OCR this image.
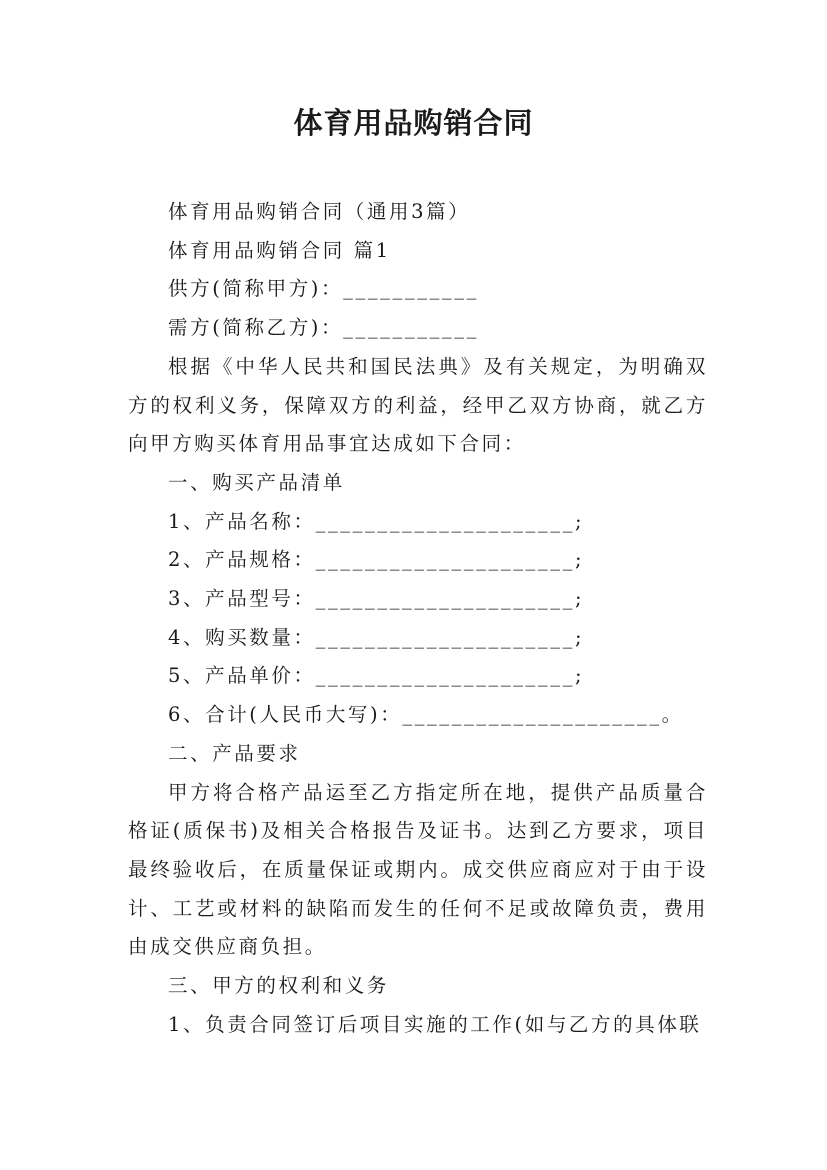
体育用品购销合同

体育用品购销合同（通用3篇）

体育用品购销合同 篇1

供方(简称甲方)：___________

需方(简称乙方)：___________

根据《中华人民共和国民法典》及有关规定，为明确双方的权利义务，保障双方的利益，经甲乙双方协商，就乙方向甲方购买体育用品事宜达成如下合同：

一、购买产品清单

1、产品名称：_____________________;

2、产品规格：_____________________;

3、产品型号：_____________________;

4、购买数量：_____________________;

5、产品单价：_____________________;

6、合计(人民币大写)：_____________________。

二、产品要求

甲方将合格产品运至乙方指定所在地，提供产品质量合格证(质保书)及相关合格报告及证书。达到乙方要求，项目最终验收后，在质量保证或期内。成交供应商应对于由于设计、工艺或材料的缺陷而发生的任何不足或故障负责，费用由成交供应商负担。

三、甲方的权利和义务

1、负责合同签订后项目实施的工作(如与乙方的具体联
